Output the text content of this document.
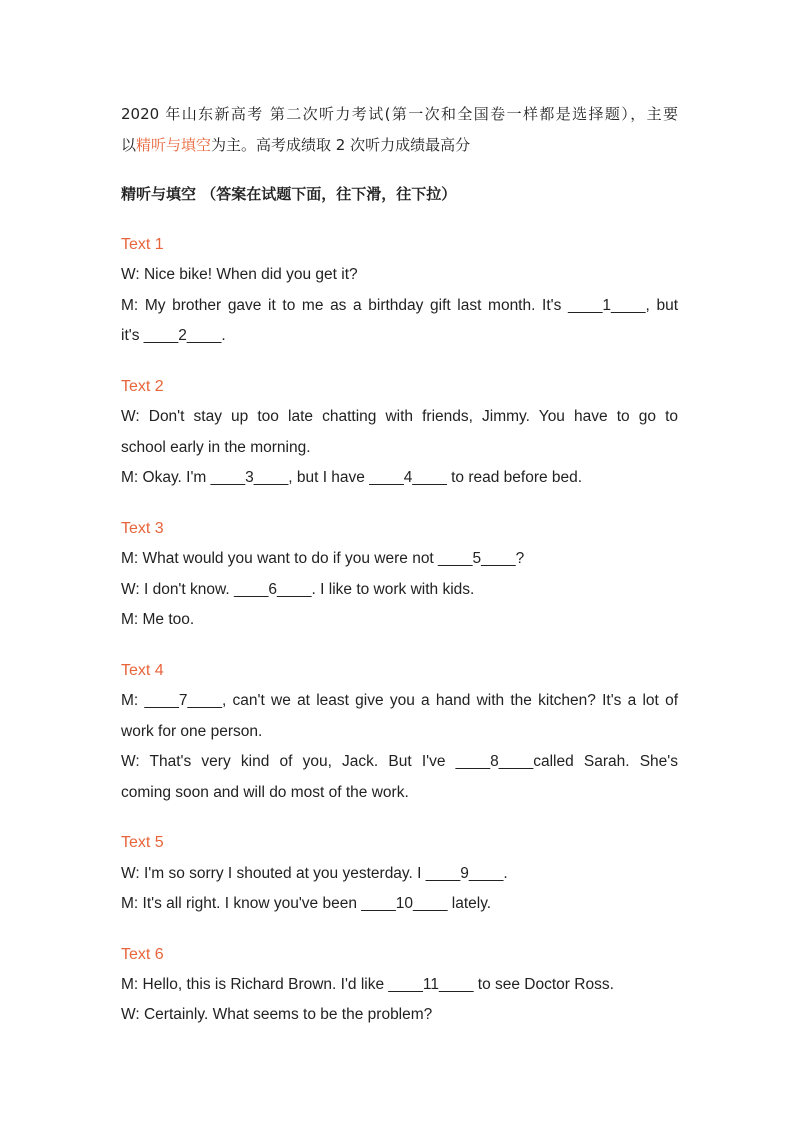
2020 年山东新高考 第二次听力考试(第一次和全国卷一样都是选择题），主要
以精听与填空为主。高考成绩取 2 次听力成绩最高分
精听与填空 （答案在试题下面，往下滑，往下拉）
Text 1
W: Nice bike! When did you get it?
M: My brother gave it to me as a birthday gift last month. It's ____1____, but
it's ____2____.
Text 2
W: Don't stay up too late chatting with friends, Jimmy. You have to go to
school early in the morning.
M: Okay. I'm ____3____, but I have ____4____ to read before bed.
Text 3
M: What would you want to do if you were not ____5____?
W: I don't know. ____6____. I like to work with kids.
M: Me too.
Text 4
M: ____7____, can't we at least give you a hand with the kitchen? It's a lot of
work for one person.
W: That's very kind of you, Jack. But I've ____8____called Sarah. She's
coming soon and will do most of the work.
Text 5
W: I'm so sorry I shouted at you yesterday. I ____9____.
M: It's all right. I know you've been ____10____ lately.
Text 6
M: Hello, this is Richard Brown. I'd like ____11____ to see Doctor Ross.
W: Certainly. What seems to be the problem?
